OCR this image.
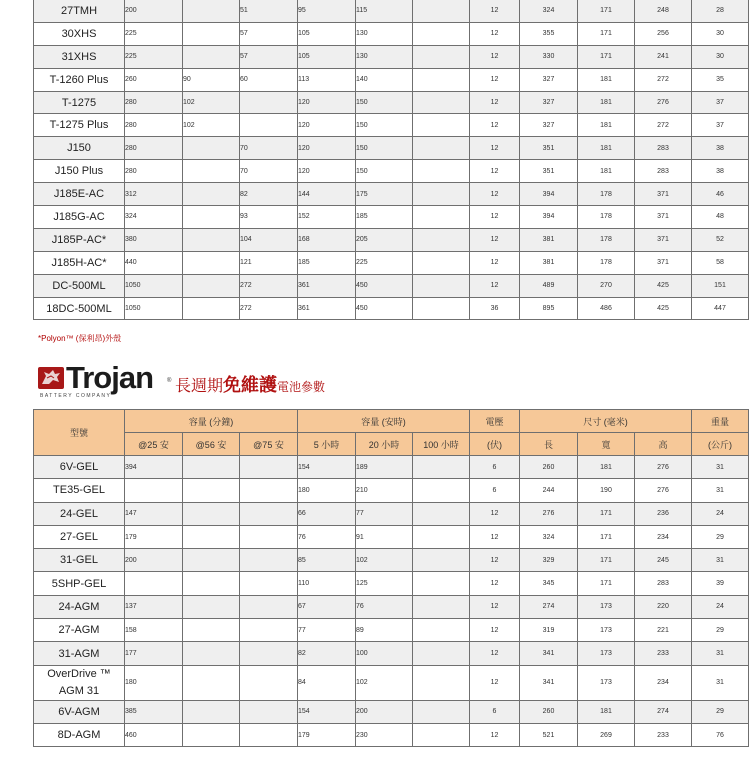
27TMH	200		51	95	115		12	324	171	248	28
30XHS	225		57	105	130		12	355	171	256	30
31XHS	225		57	105	130		12	330	171	241	30
T-1260 Plus	260	90	60	113	140		12	327	181	272	35
T-1275	280	102		120	150		12	327	181	276	37
T-1275 Plus	280	102		120	150		12	327	181	272	37
J150	280		70	120	150		12	351	181	283	38
J150 Plus	280		70	120	150		12	351	181	283	38
J185E-AC	312		82	144	175		12	394	178	371	46
J185G-AC	324		93	152	185		12	394	178	371	48
J185P-AC*	380		104	168	205		12	381	178	371	52
J185H-AC*	440		121	185	225		12	381	178	371	58
DC-500ML	1050		272	361	450		12	489	270	425	151
18DC-500ML	1050		272	361	450		36	895	486	425	447
*Polyon™ (保利昂)外殼
Trojan
BATTERY COMPANY
® 長週期免維護電池參數
型號	容量 (分鐘)			容量 (安時)			電壓	尺寸 (毫米)			重量
	@25 安	@56 安	@75 安	5 小時	20 小時	100 小時	(伏)	長	寬	高	(公斤)
6V-GEL	394			154	189		6	260	181	276	31
TE35-GEL				180	210		6	244	190	276	31
24-GEL	147			66	77		12	276	171	236	24
27-GEL	179			76	91		12	324	171	234	29
31-GEL	200			85	102		12	329	171	245	31
5SHP-GEL				110	125		12	345	171	283	39
24-AGM	137			67	76		12	274	173	220	24
27-AGM	158			77	89		12	319	173	221	29
31-AGM	177			82	100		12	341	173	233	31

OverDrive ™
AGM 31	180			84	102		12	341	173	234	31
6V-AGM	385			154	200		6	260	181	274	29
8D-AGM	460			179	230		12	521	269	233	76
